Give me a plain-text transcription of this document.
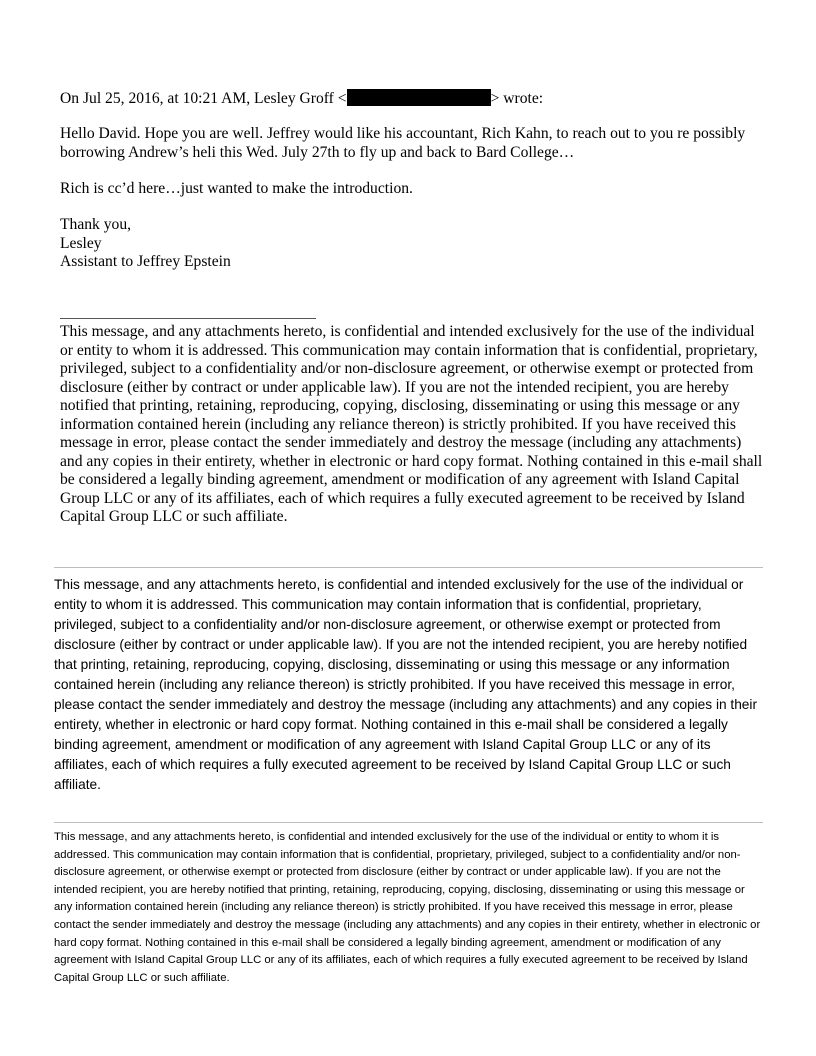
On Jul 25, 2016, at 10:21 AM, Lesley Groff <	> wrote:
Hello David. Hope you are well. Jeffrey would like his accountant, Rich Kahn, to reach out to you re possibly borrowing Andrew’s heli this Wed. July 27th to fly up and back to Bard College…
Rich is cc’d here…just wanted to make the introduction.
Thank you,
Lesley
Assistant to Jeffrey Epstein
This message, and any attachments hereto, is confidential and intended exclusively for the use of the individual or entity to whom it is addressed. This communication may contain information that is confidential, proprietary, privileged, subject to a confidentiality and/or non-disclosure agreement, or otherwise exempt or protected from disclosure (either by contract or under applicable law). If you are not the intended recipient, you are hereby notified that printing, retaining, reproducing, copying, disclosing, disseminating or using this message or any information contained herein (including any reliance thereon) is strictly prohibited. If you have received this message in error, please contact the sender immediately and destroy the message (including any attachments) and any copies in their entirety, whether in electronic or hard copy format. Nothing contained in this e-mail shall be considered a legally binding agreement, amendment or modification of any agreement with Island Capital Group LLC or any of its affiliates, each of which requires a fully executed agreement to be received by Island Capital Group LLC or such affiliate.
This message, and any attachments hereto, is confidential and intended exclusively for the use of the individual or entity to whom it is addressed. This communication may contain information that is confidential, proprietary, privileged, subject to a confidentiality and/or non-disclosure agreement, or otherwise exempt or protected from disclosure (either by contract or under applicable law). If you are not the intended recipient, you are hereby notified that printing, retaining, reproducing, copying, disclosing, disseminating or using this message or any information contained herein (including any reliance thereon) is strictly prohibited. If you have received this message in error, please contact the sender immediately and destroy the message (including any attachments) and any copies in their entirety, whether in electronic or hard copy format. Nothing contained in this e-mail shall be considered a legally binding agreement, amendment or modification of any agreement with Island Capital Group LLC or any of its affiliates, each of which requires a fully executed agreement to be received by Island Capital Group LLC or such affiliate.
This message, and any attachments hereto, is confidential and intended exclusively for the use of the individual or entity to whom it is addressed. This communication may contain information that is confidential, proprietary, privileged, subject to a confidentiality and/or non-disclosure agreement, or otherwise exempt or protected from disclosure (either by contract or under applicable law). If you are not the intended recipient, you are hereby notified that printing, retaining, reproducing, copying, disclosing, disseminating or using this message or any information contained herein (including any reliance thereon) is strictly prohibited. If you have received this message in error, please contact the sender immediately and destroy the message (including any attachments) and any copies in their entirety, whether in electronic or hard copy format. Nothing contained in this e-mail shall be considered a legally binding agreement, amendment or modification of any agreement with Island Capital Group LLC or any of its affiliates, each of which requires a fully executed agreement to be received by Island Capital Group LLC or such affiliate.
